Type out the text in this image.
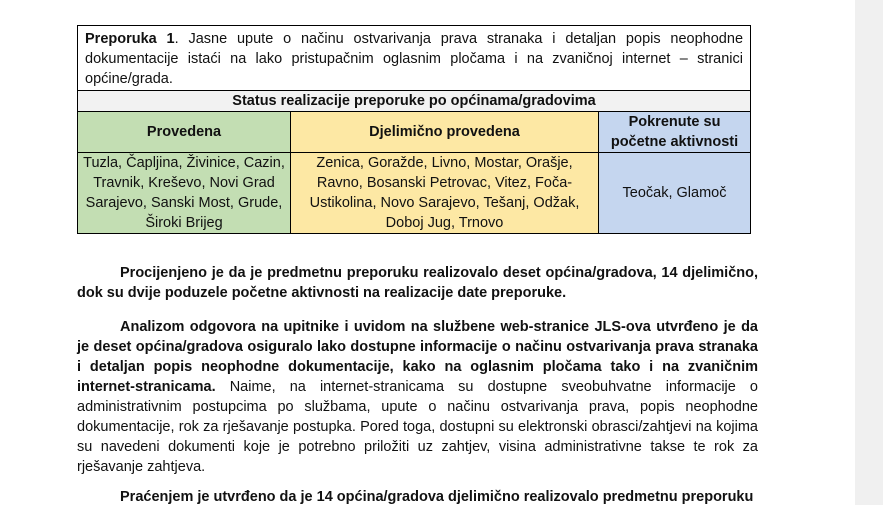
Preporuka 1. Jasne upute o načinu ostvarivanja prava stranaka i detaljan popis neophodne dokumentacije istaći na lako pristupačnim oglasnim pločama i na zvaničnoj internet – stranici općine/grada.		
Status realizacije preporuke po općinama/gradovima		
Provedena	Djelimično provedena	Pokrenute su početne aktivnosti
Tuzla, Čapljina, Živinice, Cazin, Travnik, Kreševo, Novi Grad Sarajevo, Sanski Most, Grude, Široki Brijeg	Zenica, Goražde, Livno, Mostar, Orašje, Ravno, Bosanski Petrovac, Vitez, Foča-Ustikolina, Novo Sarajevo, Tešanj, Odžak, Doboj Jug, Trnovo	Teočak, Glamoč

Procijenjeno je da je predmetnu preporuku realizovalo deset općina/gradova, 14 djelimično, dok su dvije poduzele početne aktivnosti na realizacije date preporuke.

Analizom odgovora na upitnike i uvidom na službene web-stranice JLS-ova utvrđeno je da je deset općina/gradova osiguralo lako dostupne informacije o načinu ostvarivanja prava stranaka i detaljan popis neophodne dokumentacije, kako na oglasnim pločama tako i na zvaničnim internet-stranicama. Naime, na internet-stranicama su dostupne sveobuhvatne informacije o administrativnim postupcima po službama, upute o načinu ostvarivanja prava, popis neophodne dokumentacije, rok za rješavanje postupka. Pored toga, dostupni su elektronski obrasci/zahtjevi na kojima su navedeni dokumenti koje je potrebno priložiti uz zahtjev, visina administrativne takse te rok za rješavanje zahtjeva.

Praćenjem je utvrđeno da je 14 općina/gradova djelimično realizovalo predmetnu preporuku
